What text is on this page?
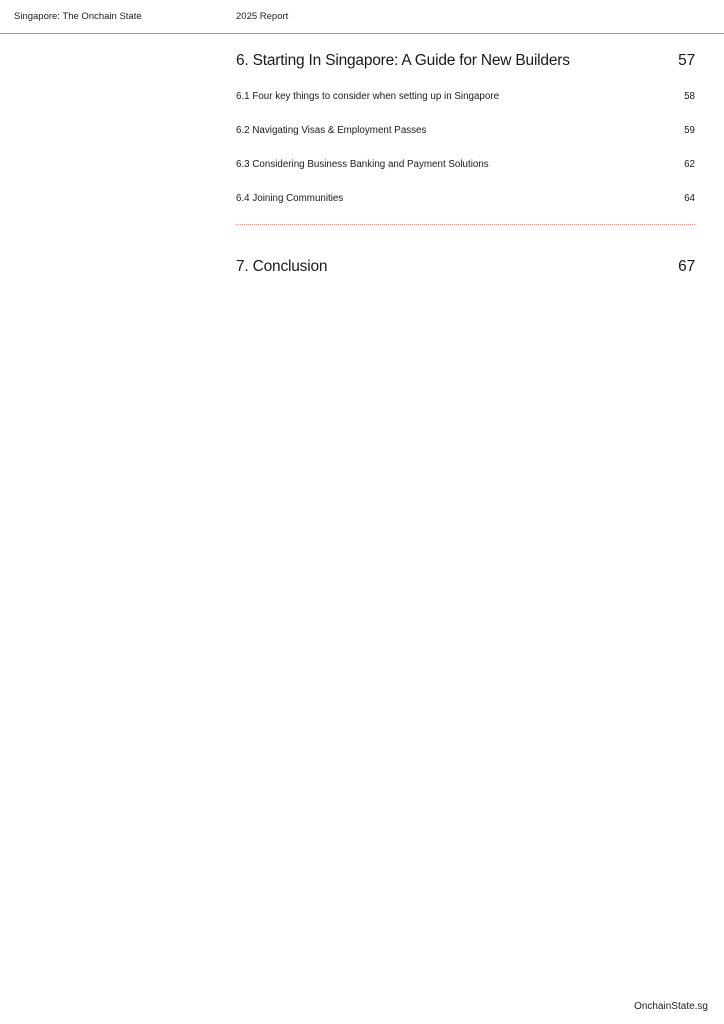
Singapore: The Onchain State	2025 Report
6. Starting In Singapore: A Guide for New Builders	57
6.1 Four key things to consider when setting up in Singapore	58
6.2 Navigating Visas & Employment Passes	59
6.3 Considering Business Banking and Payment Solutions	62
6.4 Joining Communities	64
7. Conclusion	67
OnchainState.sg
